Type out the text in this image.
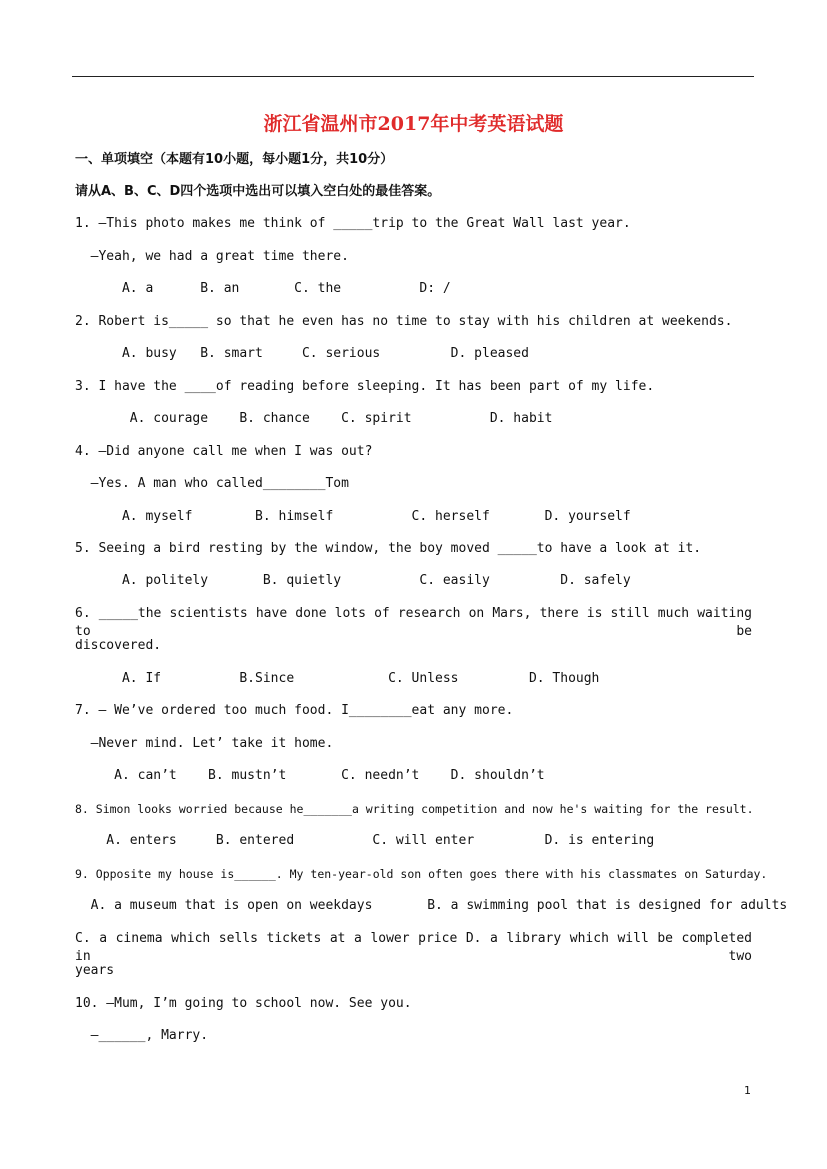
浙江省温州市2017年中考英语试题
一、单项填空（本题有10小题，每小题1分，共10分）
请从A、B、C、D四个选项中选出可以填入空白处的最佳答案。
1. —This photo makes me think of _____trip to the Great Wall last year.
—Yeah, we had a great time there.
A. a      B. an       C. the          D: /
2. Robert is_____ so that he even has no time to stay with his children at weekends.
A. busy   B. smart     C. serious         D. pleased
3. I have the ____of reading before sleeping. It has been part of my life.
A. courage    B. chance    C. spirit          D. habit
4. —Did anyone call me when I was out?
—Yes. A man who called________Tom
A. myself        B. himself          C. herself       D. yourself
5. Seeing a bird resting by the window, the boy moved _____to have a look at it.
A. politely       B. quietly          C. easily         D. safely
6. _____the scientists have done lots of research on Mars, there is still much waiting to be
discovered.
A. If          B.Since            C. Unless         D. Though
7. — We’ve ordered too much food. I________eat any more.
—Never mind. Let’ take it home.
A. can’t    B. mustn’t       C. needn’t    D. shouldn’t
8. Simon looks worried because he_______a writing competition and now he's waiting for the result.
A. enters     B. entered          C. will enter         D. is entering
9. Opposite my house is______. My ten-year-old son often goes there with his classmates on Saturday.
A. a museum that is open on weekdays       B. a swimming pool that is designed for adults
C. a cinema which sells tickets at a lower price D. a library which will be completed in two
years
10. —Mum, I’m going to school now. See you.
—______, Marry.
1
